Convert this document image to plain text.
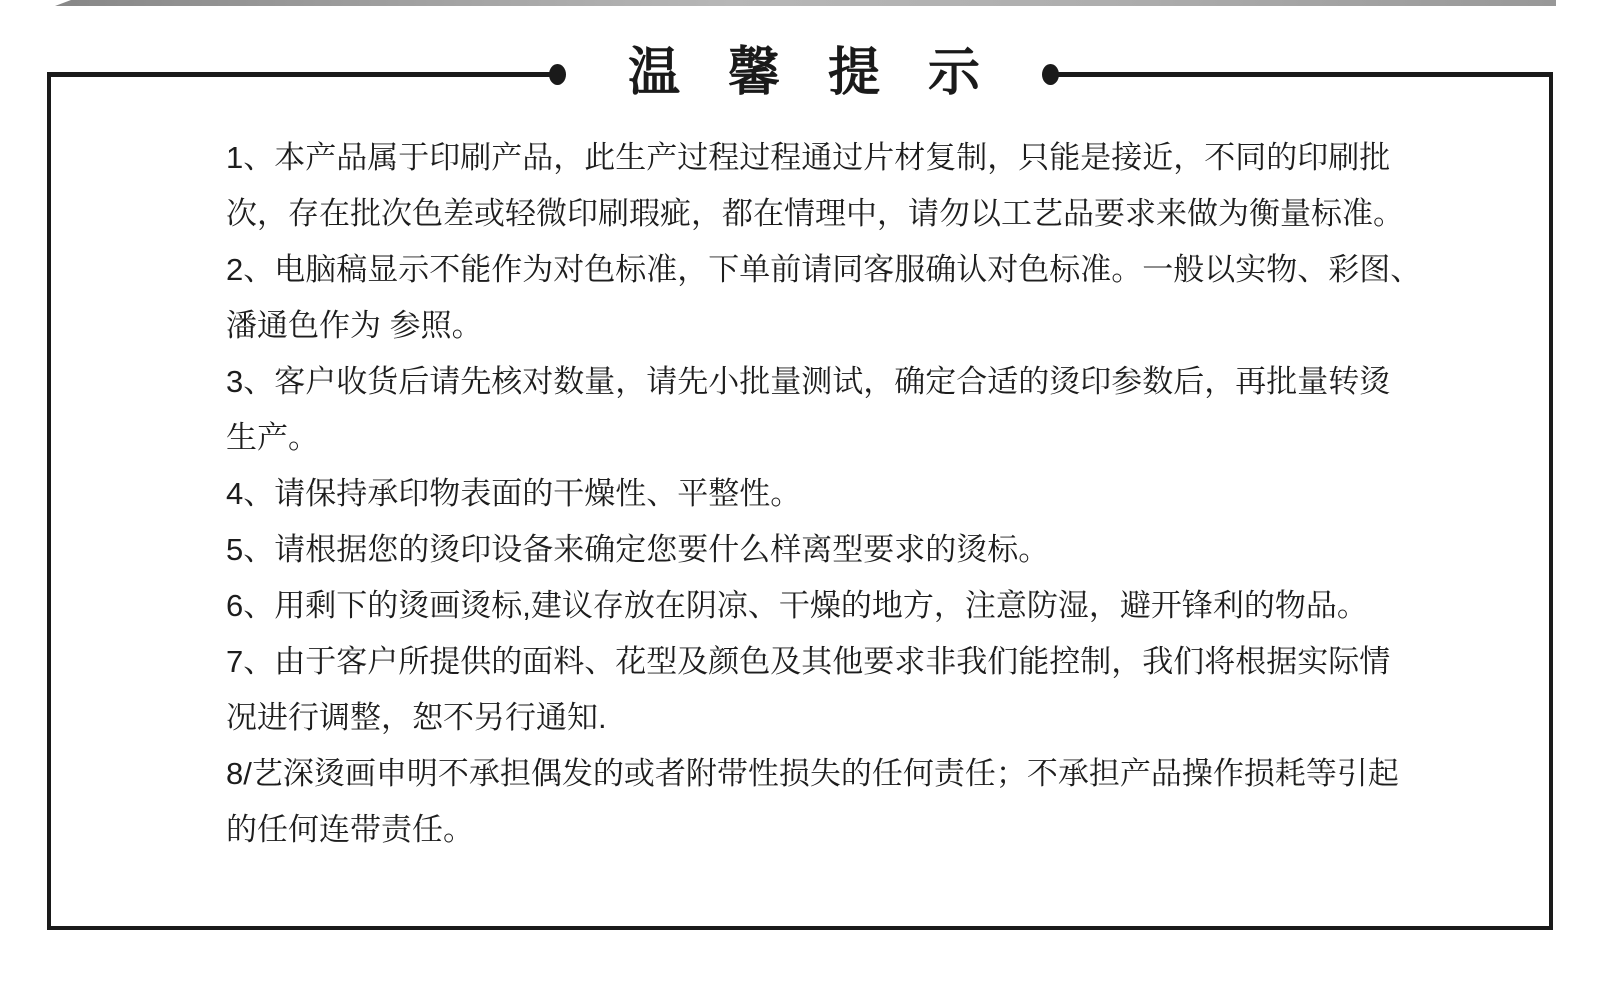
温馨提示
1、本产品属于印刷产品，此生产过程过程通过片材复制，只能是接近，不同的印刷批
次，存在批次色差或轻微印刷瑕疵，都在情理中，请勿以工艺品要求来做为衡量标准。
2、电脑稿显示不能作为对色标准，下单前请同客服确认对色标准。一般以实物、彩图、
潘通色作为 参照。
3、客户收货后请先核对数量，请先小批量测试，确定合适的烫印参数后，再批量转烫
生产。
4、请保持承印物表面的干燥性、平整性。
5、请根据您的烫印设备来确定您要什么样离型要求的烫标。
6、用剩下的烫画烫标,建议存放在阴凉、干燥的地方，注意防湿，避开锋利的物品。
7、由于客户所提供的面料、花型及颜色及其他要求非我们能控制，我们将根据实际情
况进行调整，恕不另行通知.
8/艺深烫画申明不承担偶发的或者附带性损失的任何责任；不承担产品操作损耗等引起
的任何连带责任。
